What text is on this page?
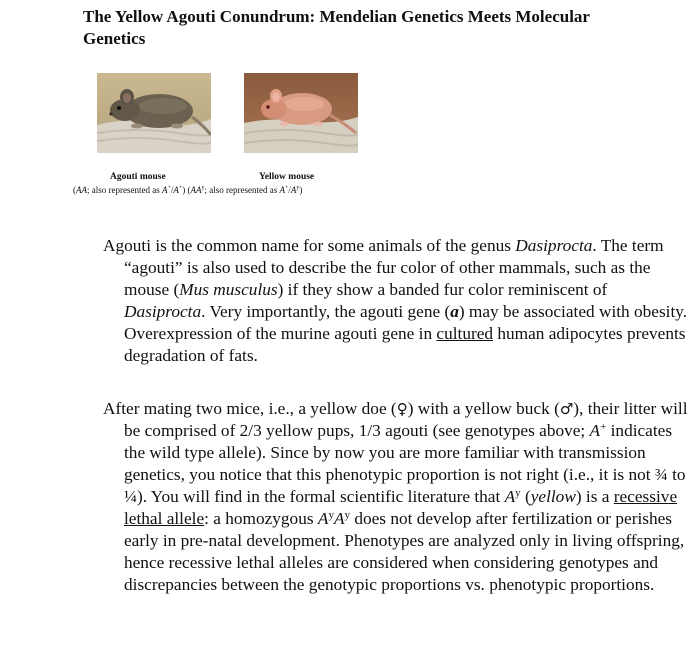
The Yellow Agouti Conundrum: Mendelian Genetics Meets Molecular Genetics
Agouti mouse	Yellow mouse
(AA; also represented as A+/A+) ($AA^y$; also represented as $A^+/A^y$)

Agouti is the common name for some animals of the genus Dasiprocta. The term “agouti” is also used to describe the fur color of other mammals, such as the mouse (Mus musculus) if they show a banded fur color reminiscent of Dasiprocta. Very importantly, the agouti gene (a) may be associated with obesity. Overexpression of the murine agouti gene in cultured human adipocytes prevents degradation of fats.

After mating two mice, i.e., a yellow doe (♀) with a yellow buck (♂), their litter will be comprised of 2/3 yellow pups, 1/3 agouti (see genotypes above; A+ indicates the wild type allele). Since by now you are more familiar with transmission genetics, you notice that this phenotypic proportion is not right (i.e., it is not ¾ to ¼). You will find in the formal scientific literature that $A^y$ (yellow) is a recessive lethal allele: a homozygous $A^yA^y$ does not develop after fertilization or perishes early in pre-natal development. Phenotypes are analyzed only in living offspring, hence recessive lethal alleles are considered when considering genotypes and discrepancies between the genotypic proportions vs. phenotypic proportions.
